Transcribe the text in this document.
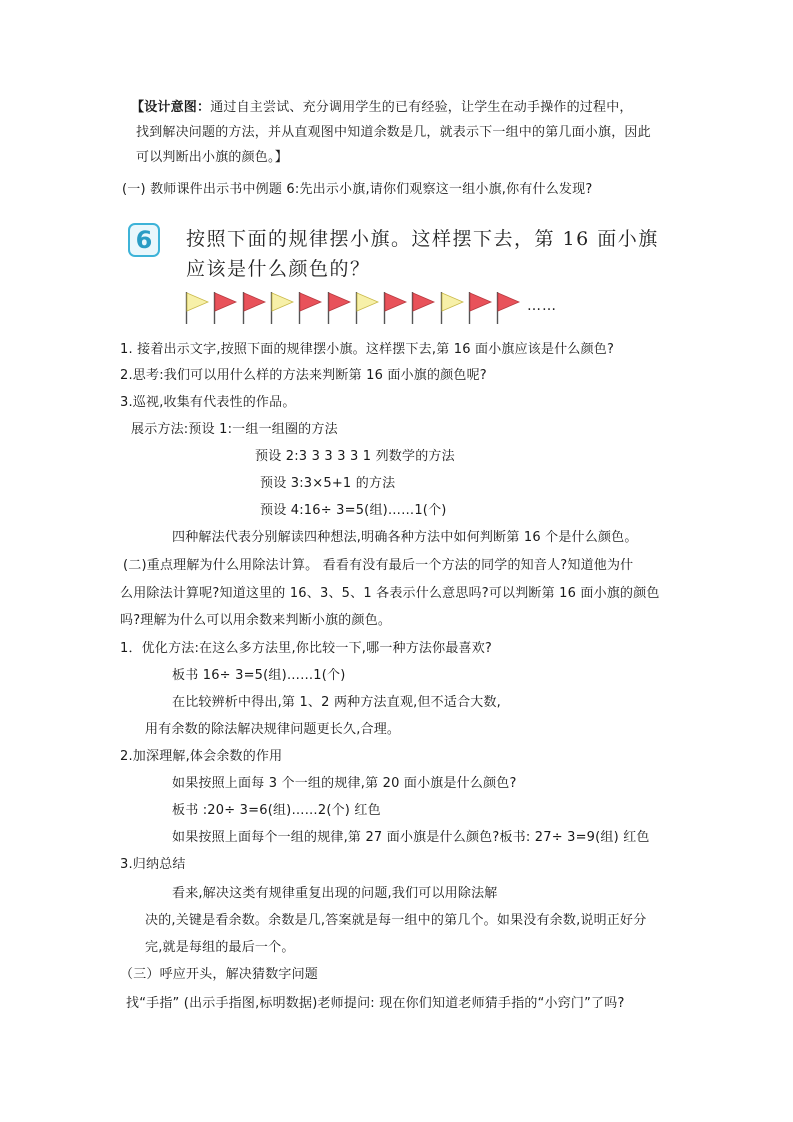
【设计意图：通过自主尝试、充分调用学生的已有经验，让学生在动手操作的过程中，
找到解决问题的方法，并从直观图中知道余数是几，就表示下一组中的第几面小旗，因此
可以判断出小旗的颜色。】
(一) 教师课件出示书中例题 6:先出示小旗,请你们观察这一组小旗,你有什么发现?
6	按照下面的规律摆小旗。这样摆下去，第 16 面小旗
应该是什么颜色的？
……
1. 接着出示文字,按照下面的规律摆小旗。这样摆下去,第 16 面小旗应该是什么颜色?
2.思考:我们可以用什么样的方法来判断第 16 面小旗的颜色呢?
3.巡视,收集有代表性的作品。
展示方法:预设 1:一组一组圈的方法
预设 2:3 3 3 3 3 1 列数学的方法
预设 3:3×5+1 的方法
预设 4:16÷ 3=5(组)……1(个)
四种解法代表分别解读四种想法,明确各种方法中如何判断第 16 个是什么颜色。
(二)重点理解为什么用除法计算。 看看有没有最后一个方法的同学的知音人?知道他为什
么用除法计算呢?知道这里的 16、3、5、1 各表示什么意思吗?可以判断第 16 面小旗的颜色
吗?理解为什么可以用余数来判断小旗的颜色。
1．优化方法:在这么多方法里,你比较一下,哪一种方法你最喜欢?
板书 16÷ 3=5(组)……1(个)
在比较辨析中得出,第 1、2 两种方法直观,但不适合大数,
用有余数的除法解决规律问题更长久,合理。
2.加深理解,体会余数的作用
如果按照上面每 3 个一组的规律,第 20 面小旗是什么颜色?
板书 :20÷ 3=6(组)……2(个) 红色
如果按照上面每个一组的规律,第 27 面小旗是什么颜色?板书: 27÷ 3=9(组) 红色
3.归纳总结
看来,解决这类有规律重复出现的问题,我们可以用除法解
决的,关键是看余数。余数是几,答案就是每一组中的第几个。如果没有余数,说明正好分
完,就是每组的最后一个。
（三）呼应开头，解决猜数字问题
找“手指” (出示手指图,标明数据)老师提问: 现在你们知道老师猜手指的“小窍门”了吗?
